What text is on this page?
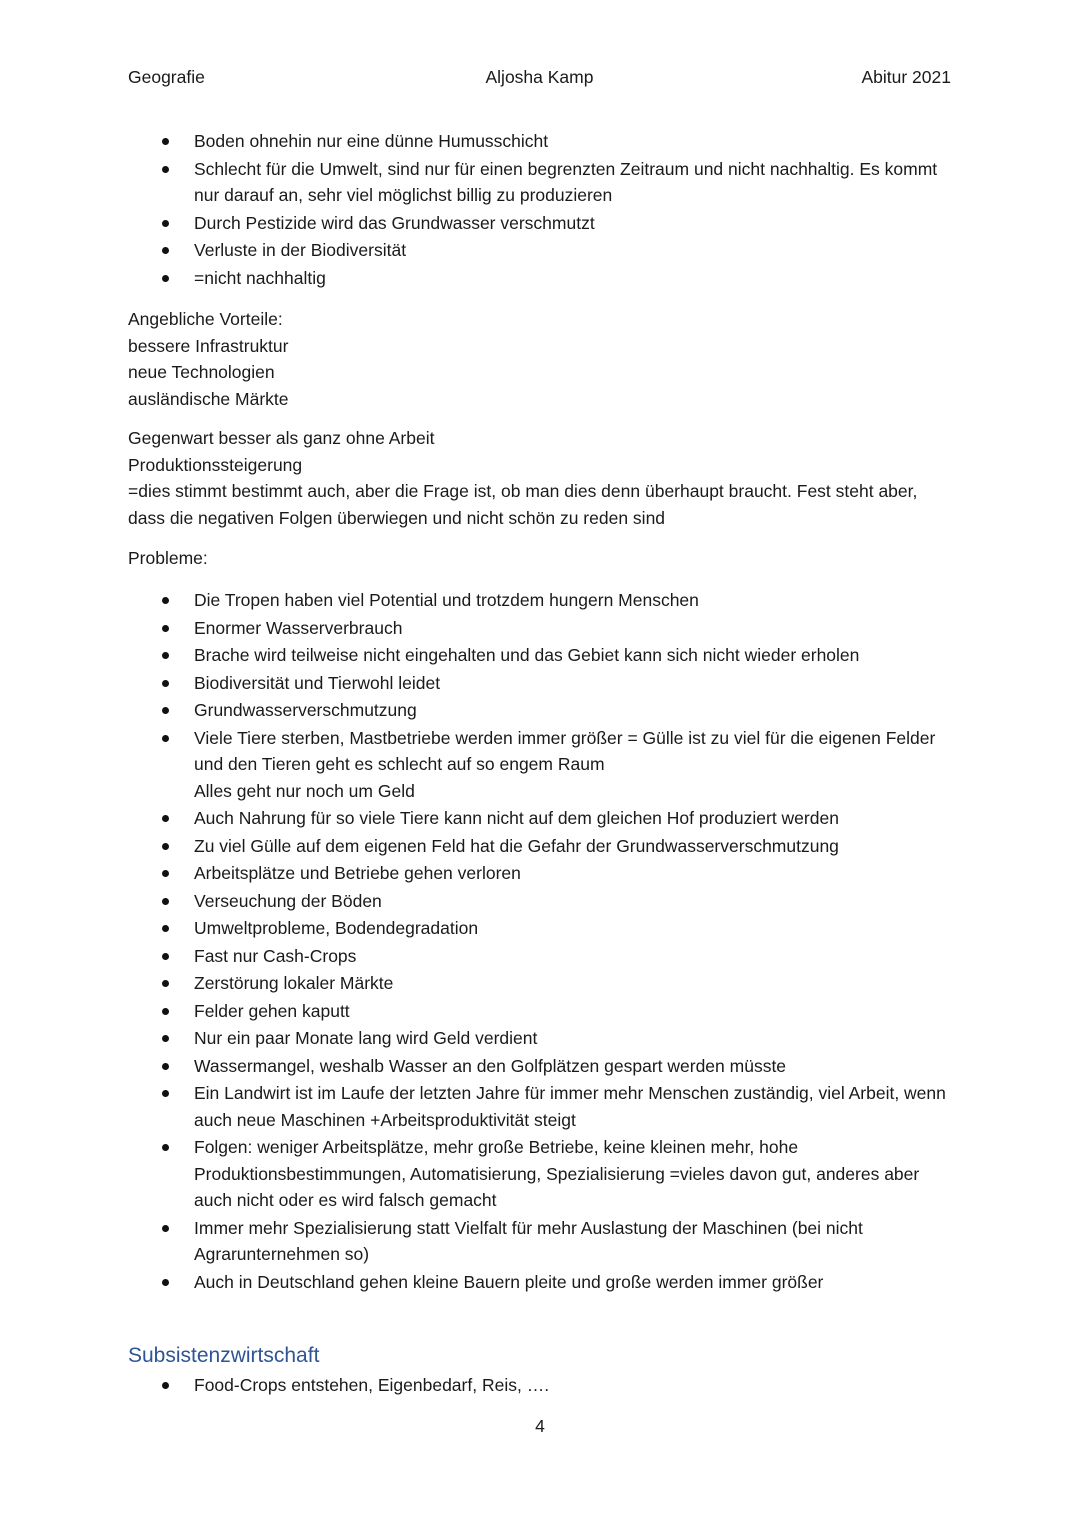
Geografie	Aljosha Kamp	Abitur 2021
Boden ohnehin nur eine dünne Humusschicht
Schlecht für die Umwelt, sind nur für einen begrenzten Zeitraum und nicht nachhaltig. Es kommt nur darauf an, sehr viel möglichst billig zu produzieren
Durch Pestizide wird das Grundwasser verschmutzt
Verluste in der Biodiversität
=nicht nachhaltig

Angebliche Vorteile:

bessere Infrastruktur

neue Technologien

ausländische Märkte

Gegenwart besser als ganz ohne Arbeit

Produktionssteigerung

=dies stimmt bestimmt auch, aber die Frage ist, ob man dies denn überhaupt braucht. Fest steht aber, dass die negativen Folgen überwiegen und nicht schön zu reden sind

Probleme:

Die Tropen haben viel Potential und trotzdem hungern Menschen
Enormer Wasserverbrauch
Brache wird teilweise nicht eingehalten und das Gebiet kann sich nicht wieder erholen
Biodiversität und Tierwohl leidet
Grundwasserverschmutzung
Viele Tiere sterben, Mastbetriebe werden immer größer = Gülle ist zu viel für die eigenen Felder und den Tieren geht es schlecht auf so engem Raum
Alles geht nur noch um Geld
Auch Nahrung für so viele Tiere kann nicht auf dem gleichen Hof produziert werden
Zu viel Gülle auf dem eigenen Feld hat die Gefahr der Grundwasserverschmutzung
Arbeitsplätze und Betriebe gehen verloren
Verseuchung der Böden
Umweltprobleme, Bodendegradation
Fast nur Cash-Crops
Zerstörung lokaler Märkte
Felder gehen kaputt
Nur ein paar Monate lang wird Geld verdient
Wassermangel, weshalb Wasser an den Golfplätzen gespart werden müsste
Ein Landwirt ist im Laufe der letzten Jahre für immer mehr Menschen zuständig, viel Arbeit, wenn auch neue Maschinen +Arbeitsproduktivität steigt
Folgen: weniger Arbeitsplätze, mehr große Betriebe, keine kleinen mehr, hohe Produktionsbestimmungen, Automatisierung, Spezialisierung =vieles davon gut, anderes aber auch nicht oder es wird falsch gemacht
Immer mehr Spezialisierung statt Vielfalt für mehr Auslastung der Maschinen (bei nicht Agrarunternehmen so)
Auch in Deutschland gehen kleine Bauern pleite und große werden immer größer
Subsistenzwirtschaft
Food-Crops entstehen, Eigenbedarf, Reis, ….
4
